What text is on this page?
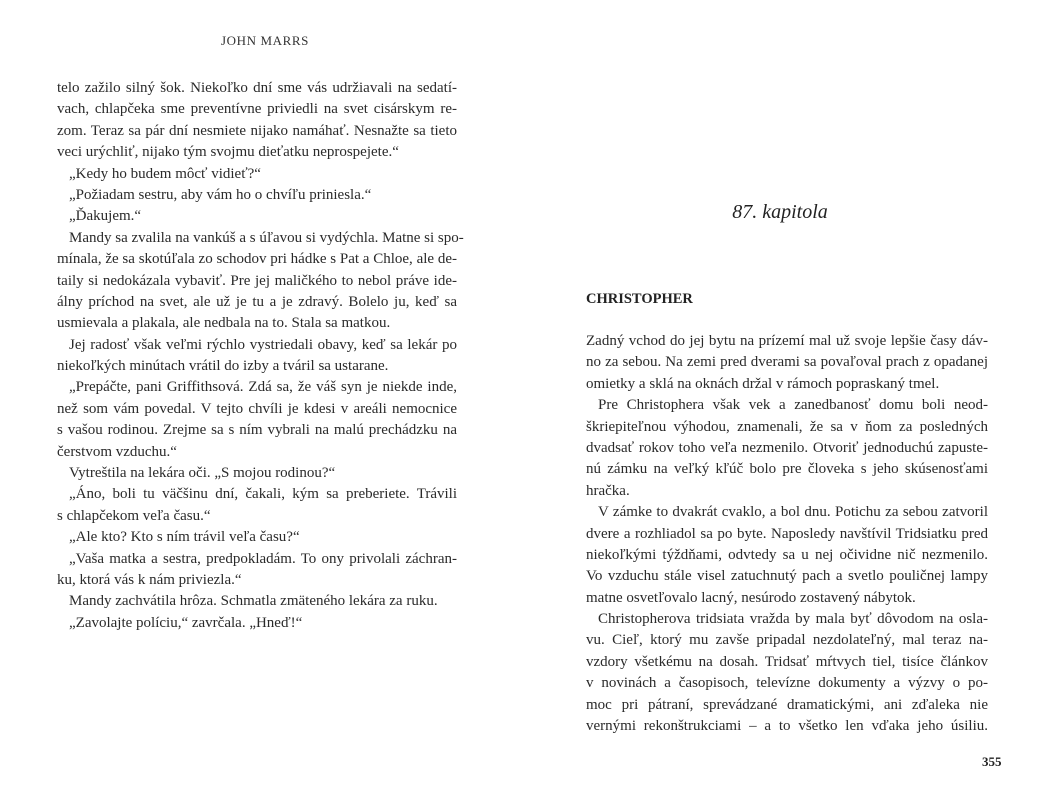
JOHN MARRS
telo zažilo silný šok. Niekoľko dní sme vás udržiavali na sedatí-
vach, chlapčeka sme preventívne priviedli na svet cisárskym re-
zom. Teraz sa pár dní nesmiete nijako namáhať. Nesnažte sa tieto
veci urýchliť, nijako tým svojmu dieťatku neprospejete.“
„Kedy ho budem môcť vidieť?“
„Požiadam sestru, aby vám ho o chvíľu priniesla.“
„Ďakujem.“
Mandy sa zvalila na vankúš a s úľavou si vydýchla. Matne si spo-
mínala, že sa skotúľala zo schodov pri hádke s Pat a Chloe, ale de-
taily si nedokázala vybaviť. Pre jej maličkého to nebol práve ide-
álny príchod na svet, ale už je tu a je zdravý. Bolelo ju, keď sa
usmievala a plakala, ale nedbala na to. Stala sa matkou.
Jej radosť však veľmi rýchlo vystriedali obavy, keď sa lekár po
niekoľkých minútach vrátil do izby a tváril sa ustarane.
„Prepáčte, pani Griffithsová. Zdá sa, že váš syn je niekde inde,
než som vám povedal. V tejto chvíli je kdesi v areáli nemocnice
s vašou rodinou. Zrejme sa s ním vybrali na malú prechádzku na
čerstvom vzduchu.“
Vytreštila na lekára oči. „S mojou rodinou?“
„Áno, boli tu väčšinu dní, čakali, kým sa preberiete. Trávili
s chlapčekom veľa času.“
„Ale kto? Kto s ním trávil veľa času?“
„Vaša matka a sestra, predpokladám. To ony privolali záchran-
ku, ktorá vás k nám priviezla.“
Mandy zachvátila hrôza. Schmatla zmäteného lekára za ruku.
„Zavolajte políciu,“ zavrčala. „Hneď!“
87. kapitola
CHRISTOPHER
Zadný vchod do jej bytu na prízemí mal už svoje lepšie časy dáv-
no za sebou. Na zemi pred dverami sa povaľoval prach z opadanej
omietky a sklá na oknách držal v rámoch popraskaný tmel.
Pre Christophera však vek a zanedbanosť domu boli neod-
škriepiteľnou výhodou, znamenali, že sa v ňom za posledných
dvadsať rokov toho veľa nezmenilo. Otvoriť jednoduchú zapuste-
nú zámku na veľký kľúč bolo pre človeka s jeho skúsenosťami
hračka.
V zámke to dvakrát cvaklo, a bol dnu. Potichu za sebou zatvoril
dvere a rozhliadol sa po byte. Naposledy navštívil Tridsiatku pred
niekoľkými týždňami, odvtedy sa u nej očividne nič nezmenilo.
Vo vzduchu stále visel zatuchnutý pach a svetlo pouličnej lampy
matne osvetľovalo lacný, nesúrodo zostavený nábytok.
Christopherova tridsiata vražda by mala byť dôvodom na osla-
vu. Cieľ, ktorý mu zavše pripadal nezdolateľný, mal teraz na-
vzdory všetkému na dosah. Tridsať mŕtvych tiel, tisíce článkov
v novinách a časopisoch, televízne dokumenty a výzvy o po-
moc pri pátraní, sprevádzané dramatickými, ani zďaleka nie
vernými rekonštrukciami – a to všetko len vďaka jeho úsiliu.
355
